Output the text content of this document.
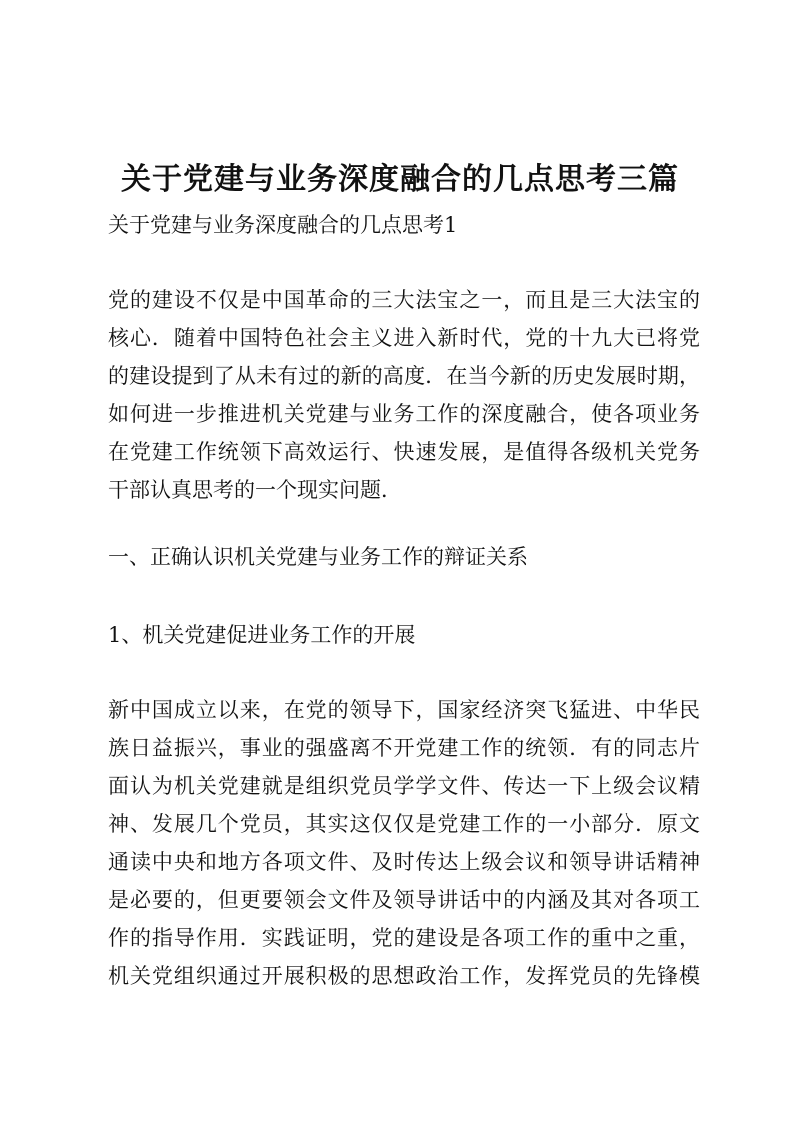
关于党建与业务深度融合的几点思考三篇
关于党建与业务深度融合的几点思考1
党的建设不仅是中国革命的三大法宝之一，而且是三大法宝的
核心．随着中国特色社会主义进入新时代，党的十九大已将党
的建设提到了从未有过的新的高度．在当今新的历史发展时期，
如何进一步推进机关党建与业务工作的深度融合，使各项业务
在党建工作统领下高效运行、快速发展，是值得各级机关党务
干部认真思考的一个现实问题．
一、正确认识机关党建与业务工作的辩证关系
1、机关党建促进业务工作的开展
新中国成立以来，在党的领导下，国家经济突飞猛进、中华民
族日益振兴，事业的强盛离不开党建工作的统领．有的同志片
面认为机关党建就是组织党员学学文件、传达一下上级会议精
神、发展几个党员，其实这仅仅是党建工作的一小部分．原文
通读中央和地方各项文件、及时传达上级会议和领导讲话精神
是必要的，但更要领会文件及领导讲话中的内涵及其对各项工
作的指导作用．实践证明，党的建设是各项工作的重中之重，
机关党组织通过开展积极的思想政治工作，发挥党员的先锋模
